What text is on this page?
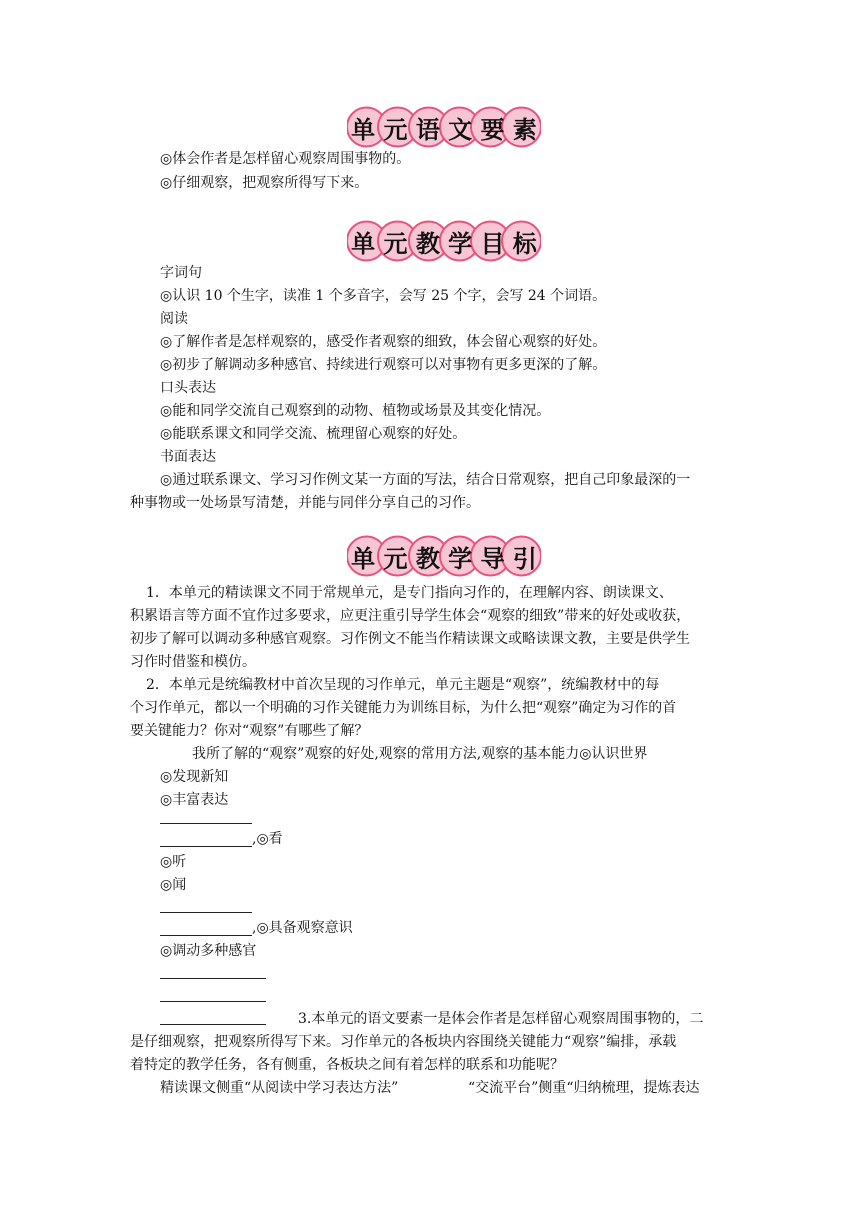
单 元 语 文 要 素
◎体会作者是怎样留心观察周围事物的。
◎仔细观察，把观察所得写下来。
单 元 教 学 目 标
字词句
◎认识 10 个生字，读准 1 个多音字，会写 25 个字，会写 24 个词语。
阅读
◎了解作者是怎样观察的，感受作者观察的细致，体会留心观察的好处。
◎初步了解调动多种感官、持续进行观察可以对事物有更多更深的了解。
口头表达
◎能和同学交流自己观察到的动物、植物或场景及其变化情况。
◎能联系课文和同学交流、梳理留心观察的好处。
书面表达
◎通过联系课文、学习习作例文某一方面的写法，结合日常观察，把自己印象最深的一
种事物或一处场景写清楚，并能与同伴分享自己的习作。
单 元 教 学 导 引
1．本单元的精读课文不同于常规单元，是专门指向习作的，在理解内容、朗读课文、
积累语言等方面不宜作过多要求，应更注重引导学生体会“观察的细致”带来的好处或收获，
初步了解可以调动多种感官观察。习作例文不能当作精读课文或略读课文教，主要是供学生
习作时借鉴和模仿。
2．本单元是统编教材中首次呈现的习作单元，单元主题是“观察”，统编教材中的每
个习作单元，都以一个明确的习作关键能力为训练目标，为什么把“观察”确定为习作的首
要关键能力？你对“观察”有哪些了解？
我所了解的“观察”观察的好处,观察的常用方法,观察的基本能力◎认识世界
◎发现新知
◎丰富表达
,◎看
◎听
◎闻
,◎具备观察意识
◎调动多种感官
3.本单元的语文要素一是体会作者是怎样留心观察周围事物的，二
是仔细观察，把观察所得写下来。习作单元的各板块内容围绕关键能力“观察”编排，承载
着特定的教学任务，各有侧重，各板块之间有着怎样的联系和功能呢？
精读课文侧重“从阅读中学习表达方法”	“交流平台”侧重“归纳梳理，提炼表达
